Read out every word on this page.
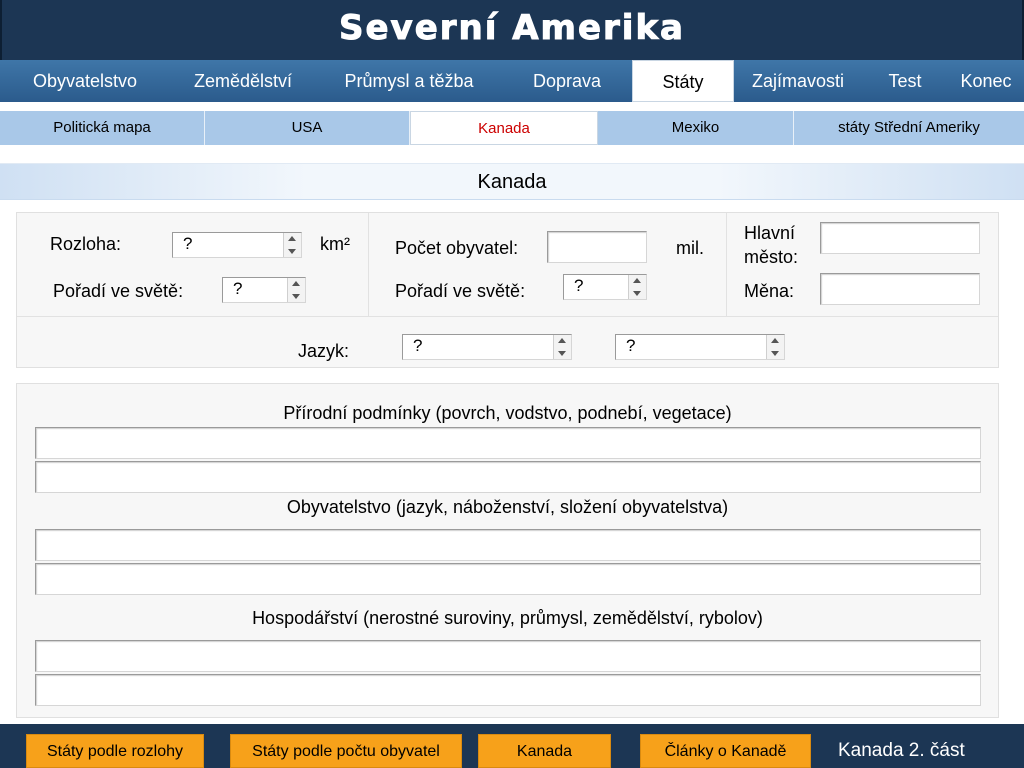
Severní Amerika
Obyvatelstvo	Zemědělství	Průmysl a těžba	Doprava	Státy	Zajímavosti	Test	Konec
Politická mapa	USA	Kanada	Mexiko	státy Střední Ameriky
Kanada
Rozloha:	?	km²
Pořadí ve světě:	?
Počet obyvatel:	mil.
Pořadí ve světě:	?
Hlavní
město:
Měna:
Jazyk:	?	?
Přírodní podmínky (povrch, vodstvo, podnebí, vegetace)
Obyvatelstvo (jazyk, náboženství, složení obyvatelstva)
Hospodářství (nerostné suroviny, průmysl, zemědělství, rybolov)
Státy podle rozlohy	Státy podle počtu obyvatel	Kanada	Články o Kanadě	Kanada 2. část
